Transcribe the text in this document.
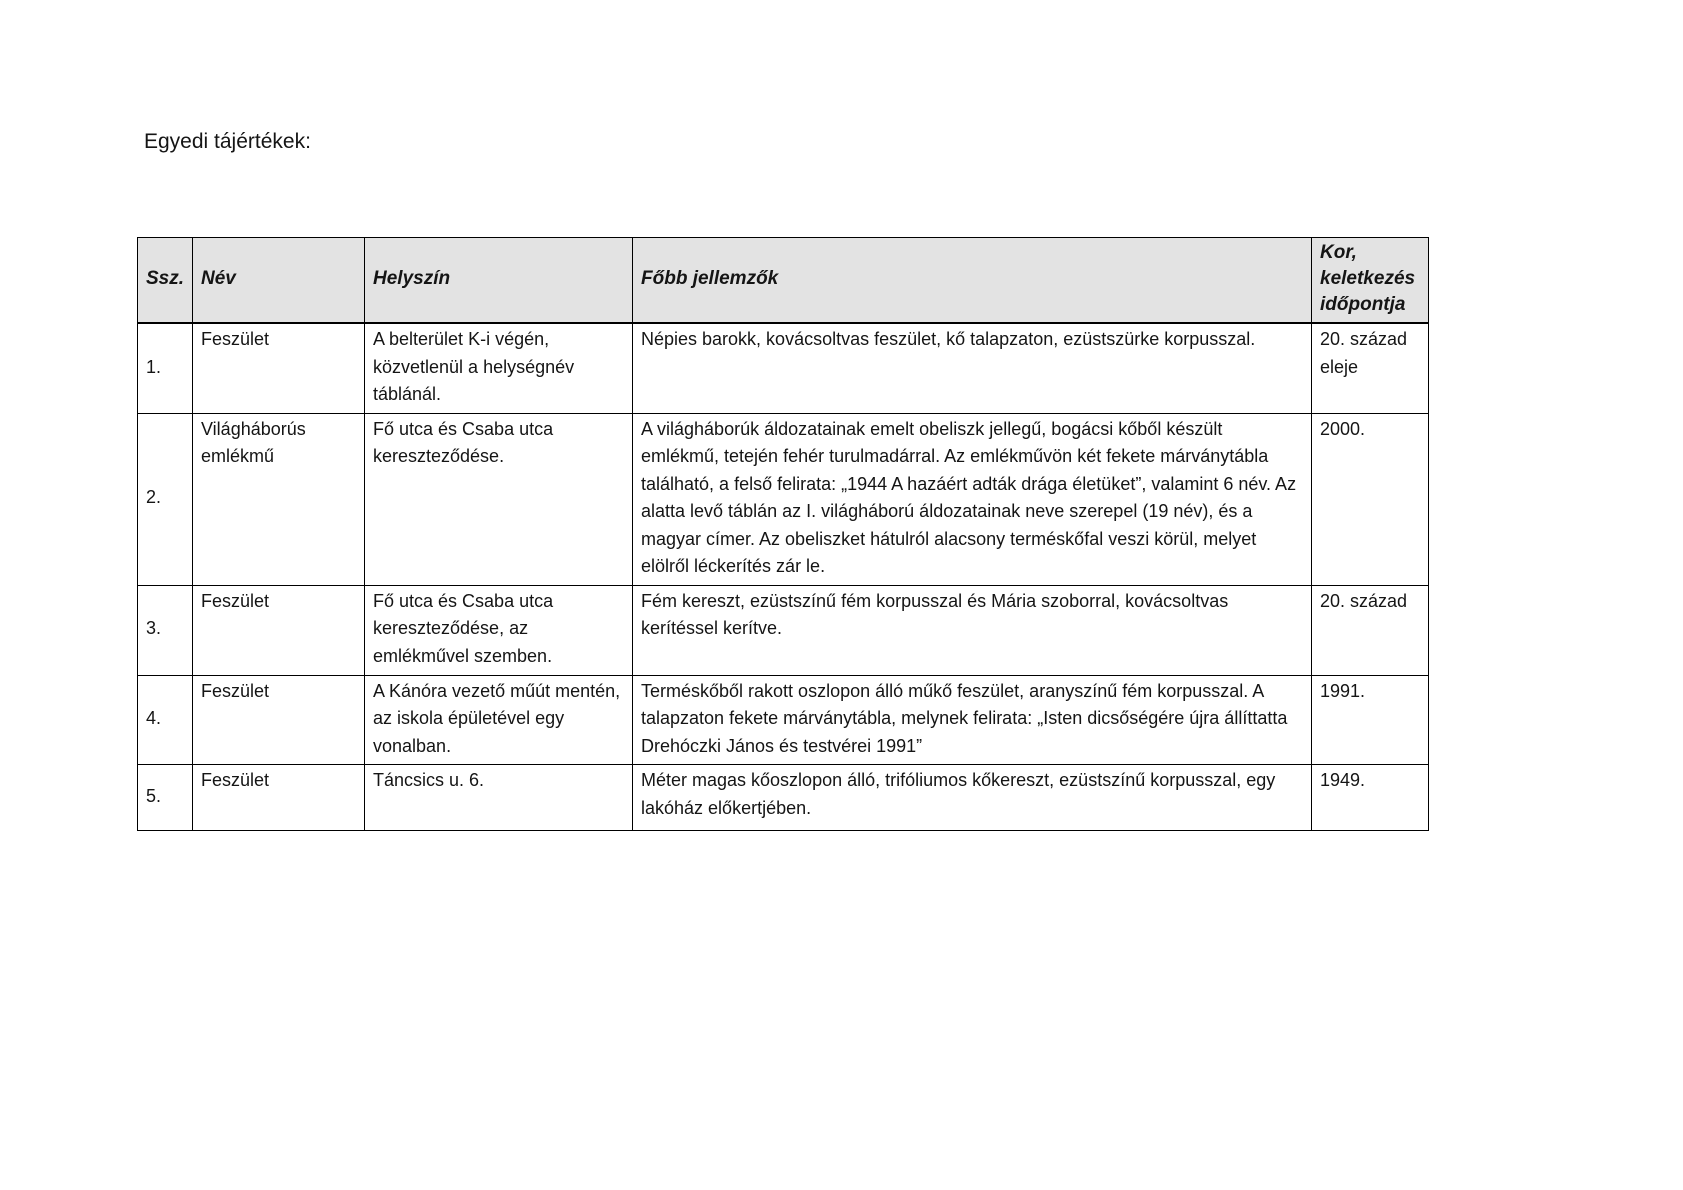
Egyedi tájértékek:

Ssz.	Név	Helyszín	Főbb jellemzők	Kor, keletkezés időpontja
1.	Feszület	A belterület K-i végén, közvetlenül a helységnév táblánál.	Népies barokk, kovácsoltvas feszület, kő talapzaton, ezüstszürke korpusszal.	20. század eleje
2.	Világháborús emlékmű	Fő utca és Csaba utca kereszteződése.	A világháborúk áldozatainak emelt obeliszk jellegű, bogácsi kőből készült emlékmű, tetején fehér turulmadárral. Az emlékművön két fekete márványtábla található, a felső felirata: „1944 A hazáért adták drága életüket”, valamint 6 név. Az alatta levő táblán az I. világháború áldozatainak neve szerepel (19 név), és a magyar címer. Az obeliszket hátulról alacsony terméskőfal veszi körül, melyet elölről léckerítés zár le.	2000.
3.	Feszület	Fő utca és Csaba utca kereszteződése, az emlékművel szemben.	Fém kereszt, ezüstszínű fém korpusszal és Mária szoborral, kovácsoltvas kerítéssel kerítve.	20. század
4.	Feszület	A Kánóra vezető műút mentén, az iskola épületével egy vonalban.	Terméskőből rakott oszlopon álló műkő feszület, aranyszínű fém korpusszal. A talapzaton fekete márványtábla, melynek felirata: „Isten dicsőségére újra állíttatta Drehóczki János és testvérei 1991”	1991.
5.	Feszület	Táncsics u. 6.	Méter magas kőoszlopon álló, trifóliumos kőkereszt, ezüstszínű korpusszal, egy lakóház előkertjében.	1949.
